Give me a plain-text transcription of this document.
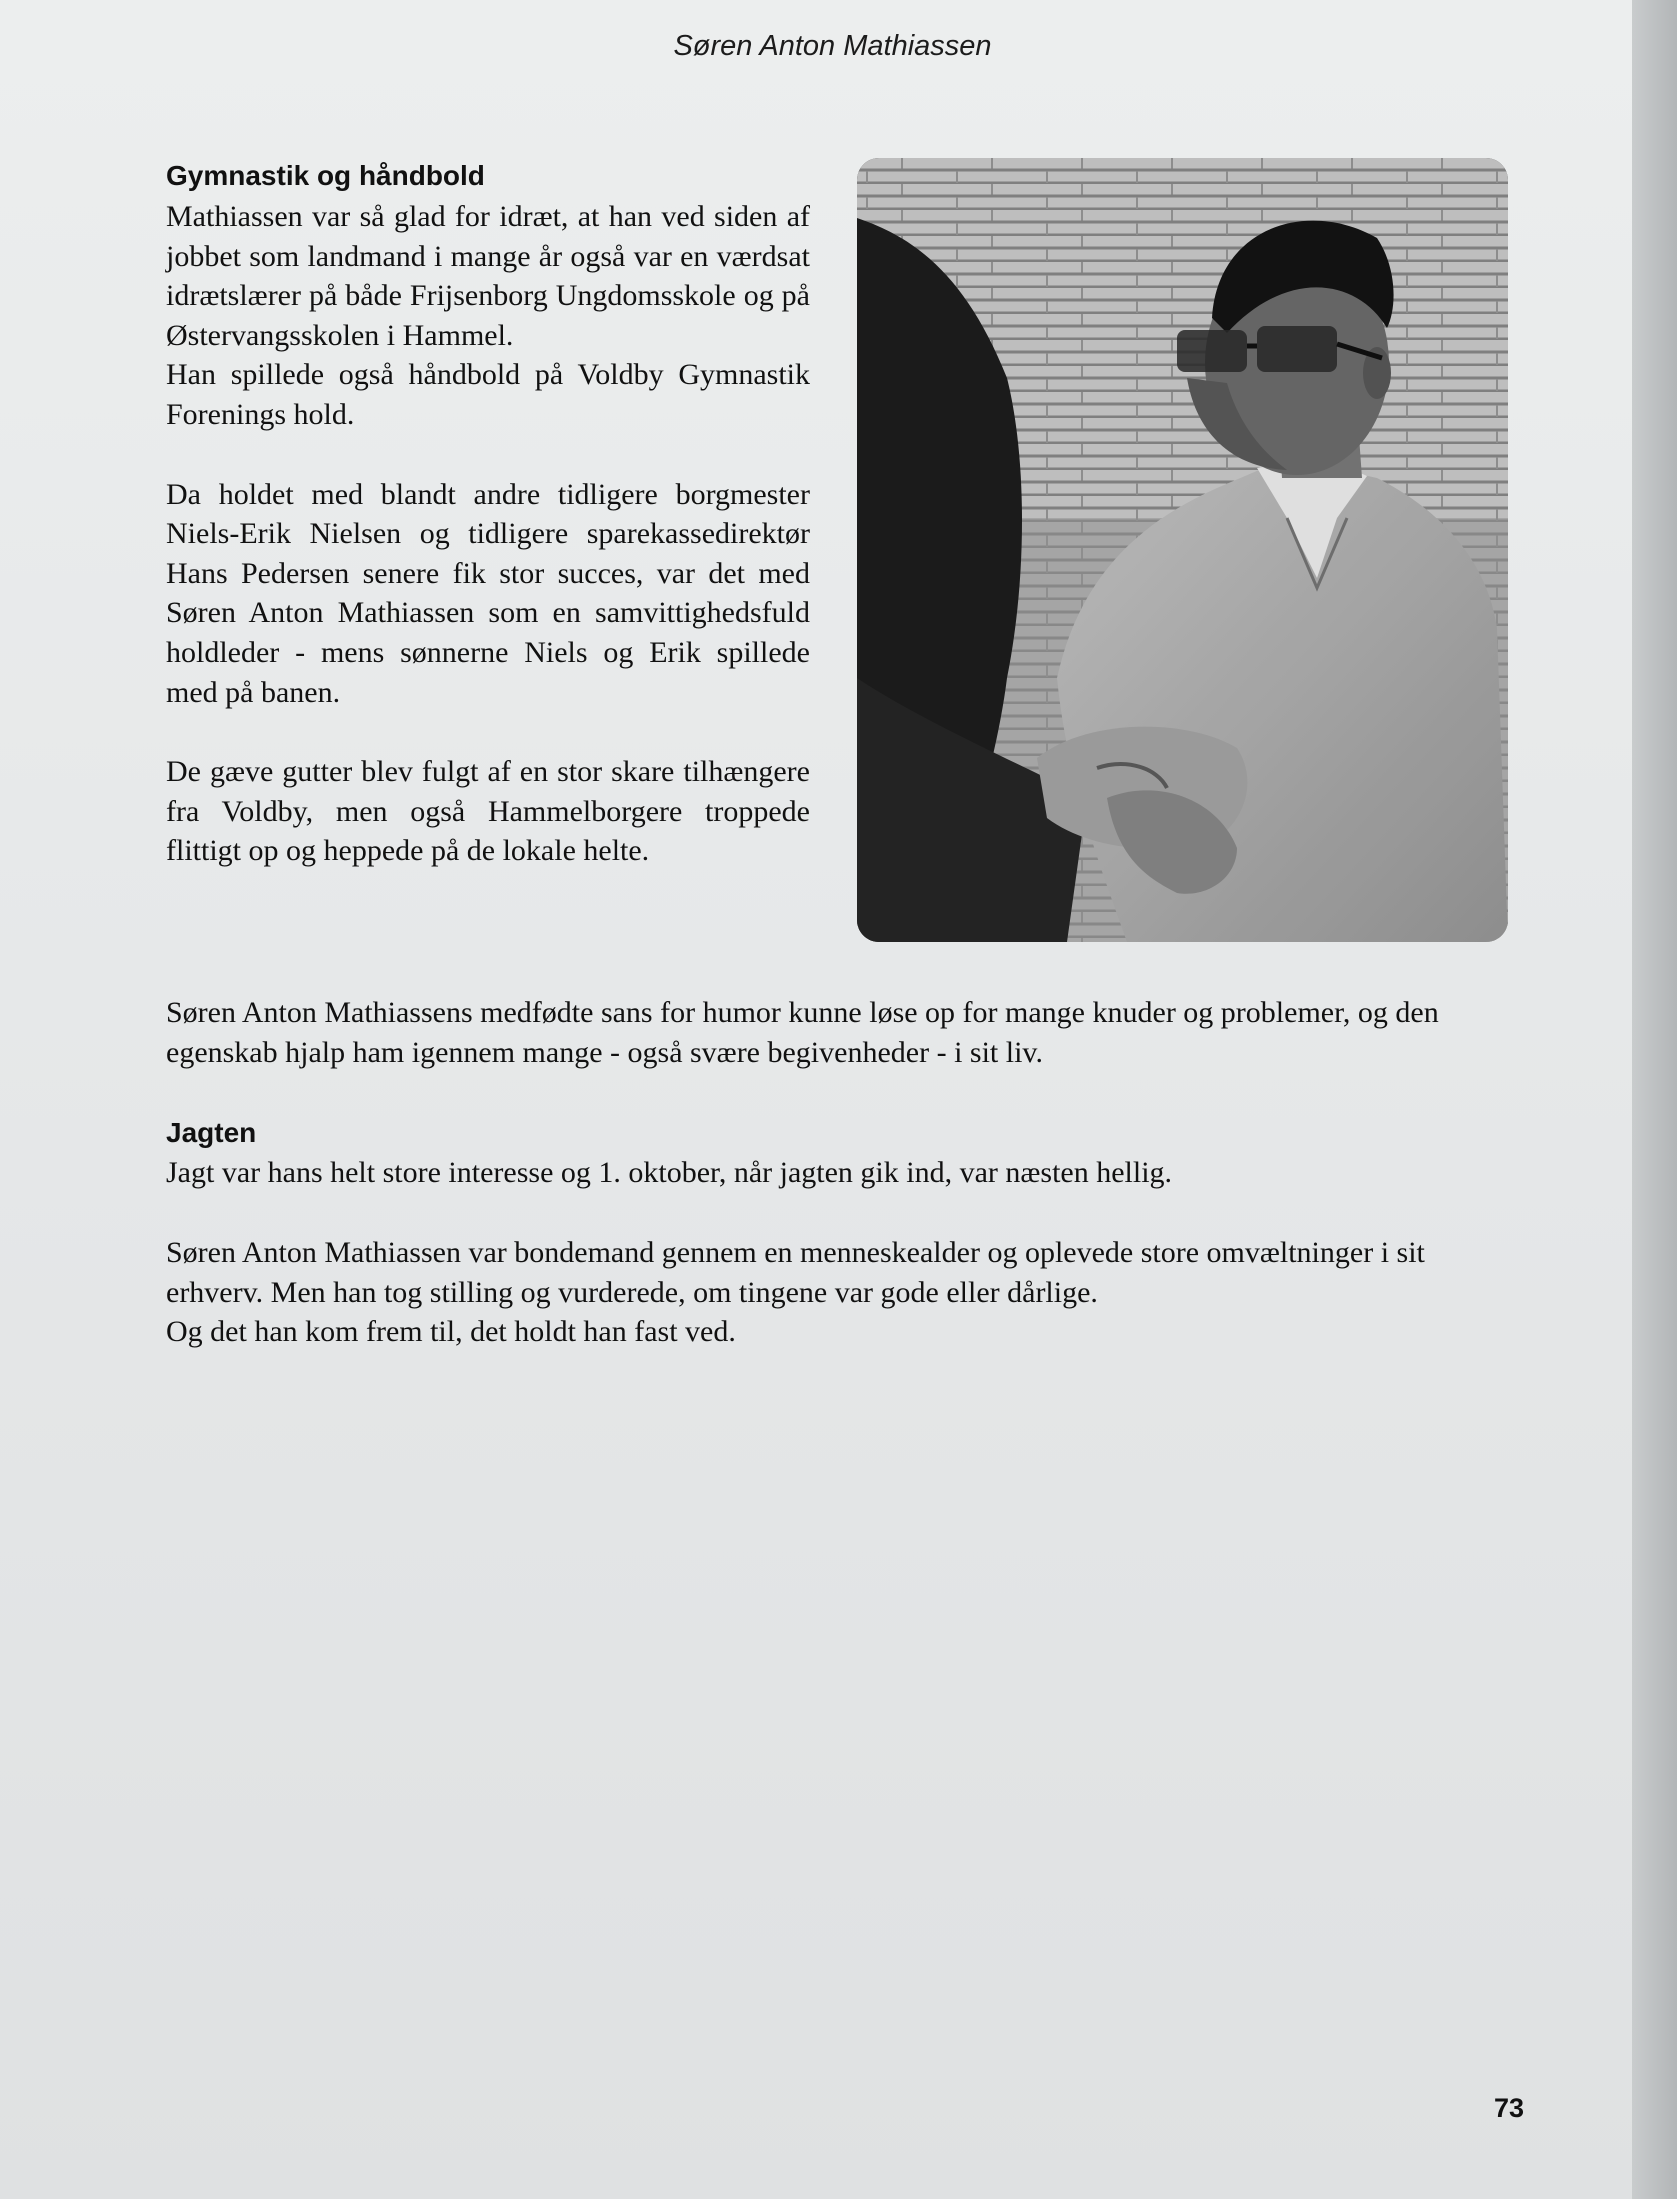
Søren Anton Mathiassen
Gymnastik og håndbold

Mathiassen var så glad for idræt, at han ved siden af jobbet som landmand i mange år også var en værdsat idrætslærer på både Frijsenborg Ungdomsskole og på Østervangsskolen i Hammel.

Han spillede også håndbold på Voldby Gymnastik Forenings hold.

Da holdet med blandt andre tidligere borgmester Niels-Erik Nielsen og tidligere sparekassedirektør Hans Pedersen senere fik stor succes, var det med Søren Anton Mathiassen som en samvittighedsfuld holdleder - mens sønnerne Niels og Erik spillede med på banen.

De gæve gutter blev fulgt af en stor skare tilhængere fra Voldby, men også Hammelborgere troppede flittigt op og heppede på de lokale helte.

Søren Anton Mathiassens medfødte sans for humor kunne løse op for mange knuder og problemer, og den egenskab hjalp ham igennem mange - også svære begivenheder - i sit liv.

Jagten

Jagt var hans helt store interesse og 1. oktober, når jagten gik ind, var næsten hellig.

Søren Anton Mathiassen var bondemand gennem en menneskealder og oplevede store omvæltninger i sit erhverv. Men han tog stilling og vurderede, om tingene var gode eller dårlige.

Og det han kom frem til, det holdt han fast ved.

73
